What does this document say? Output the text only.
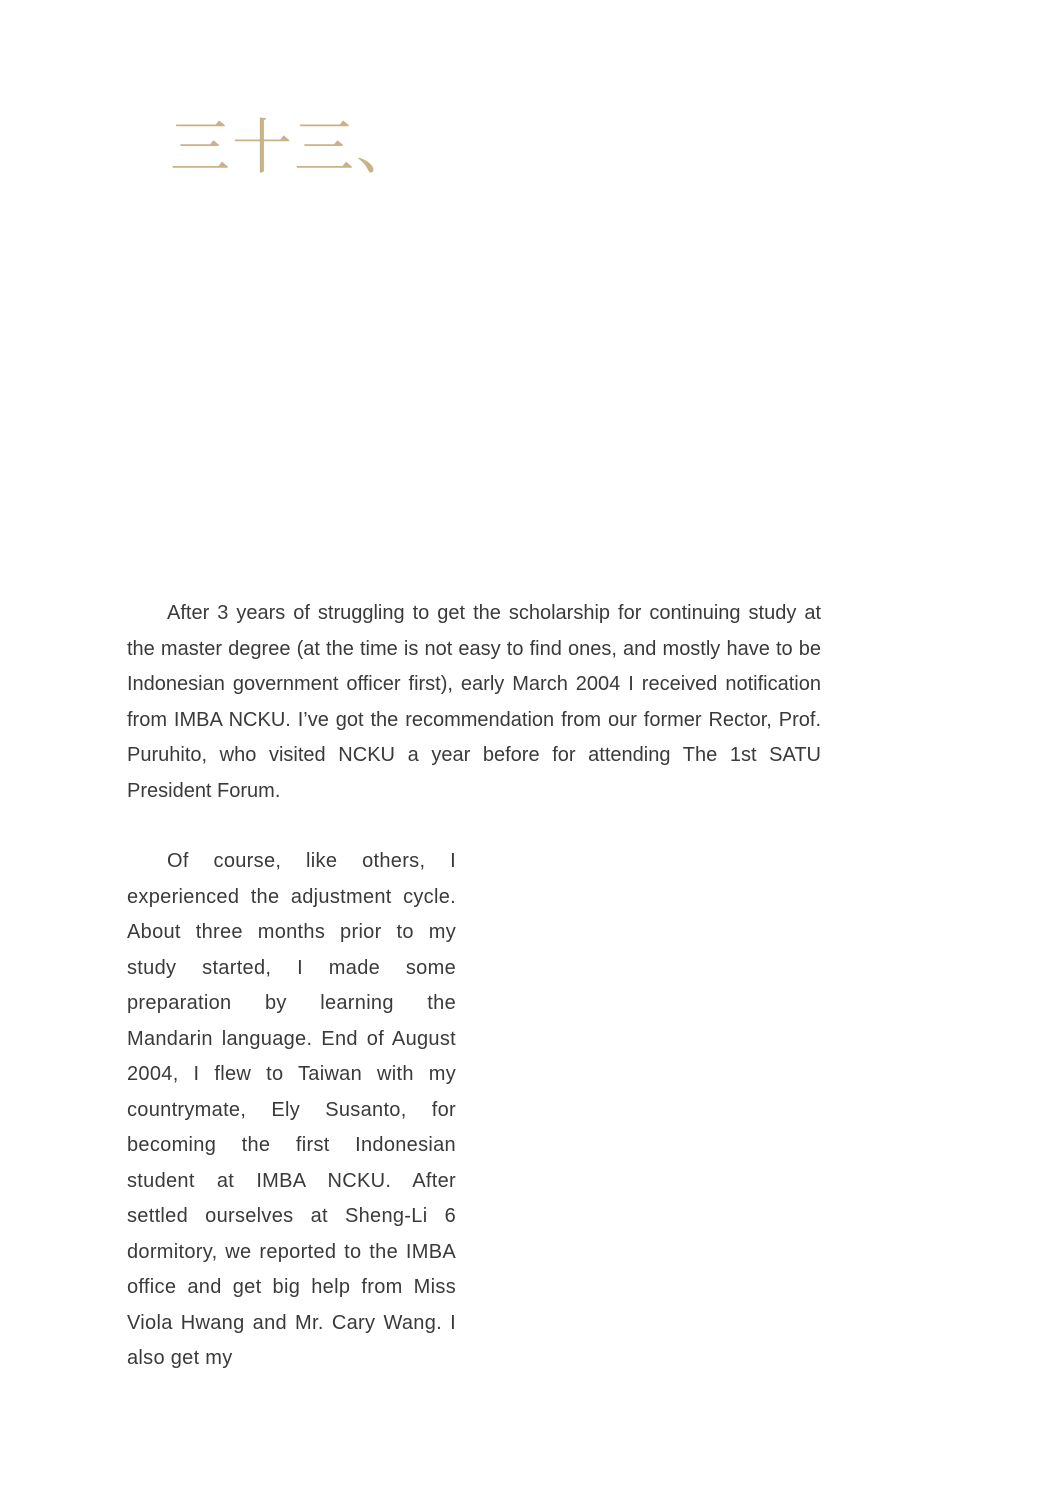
三十三、

After 3 years of struggling to get the scholarship for continuing study at the master degree (at the time is not easy to find ones, and mostly have to be Indonesian government officer first), early March 2004 I received notification from IMBA NCKU. I’ve got the recommendation from our former Rector, Prof. Puruhito, who visited NCKU a year before for attending The 1st SATU President Forum.

Of course, like others, I experienced the adjustment cycle. About three months prior to my study started, I made some preparation by learning the Mandarin language. End of August 2004, I flew to Taiwan with my countrymate, Ely Susanto, for becoming the first Indonesian student at IMBA NCKU. After settled ourselves at Sheng-Li 6 dormitory, we reported to the IMBA office and get big help from Miss Viola Hwang and Mr. Cary Wang. I also get my
